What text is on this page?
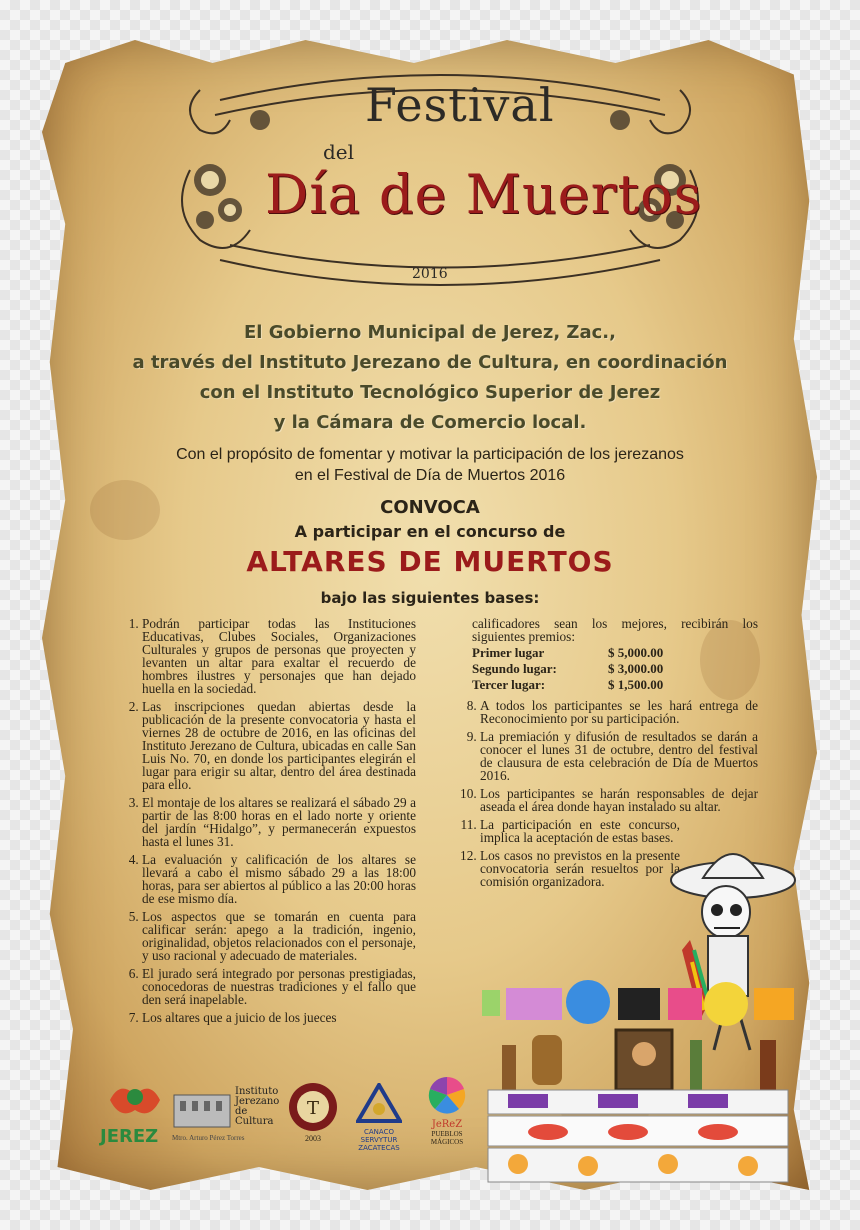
Festival
del
Día de Muertos
2016
El Gobierno Municipal de Jerez, Zac.,
a través del Instituto Jerezano de Cultura, en coordinación
con el Instituto Tecnológico Superior de Jerez
y la Cámara de Comercio local.
Con el propósito de fomentar y motivar la participación de los jerezanos
en el Festival de Día de Muertos 2016
CONVOCA
A participar en el concurso de
ALTARES DE MUERTOS
bajo las siguientes bases:
1. Podrán participar todas las Instituciones Educativas, Clubes Sociales, Organizaciones Culturales y grupos de personas que proyecten y levanten un altar para exaltar el recuerdo de hombres ilustres y personajes que han dejado huella en la sociedad.
2. Las inscripciones quedan abiertas desde la publicación de la presente convocatoria y hasta el viernes 28 de octubre de 2016, en las oficinas del Instituto Jerezano de Cultura, ubicadas en calle San Luis No. 70, en donde los participantes elegirán el lugar para erigir su altar, dentro del área destinada para ello.
3. El montaje de los altares se realizará el sábado 29 a partir de las 8:00 horas en el lado norte y oriente del jardín “Hidalgo”, y permanecerán expuestos hasta el lunes 31.
4. La evaluación y calificación de los altares se llevará a cabo el mismo sábado 29 a las 18:00 horas, para ser abiertos al público a las 20:00 horas de ese mismo día.
5. Los aspectos que se tomarán en cuenta para calificar serán: apego a la tradición, ingenio, originalidad, objetos relacionados con el personaje, y uso racional y adecuado de materiales.
6. El jurado será integrado por personas prestigiadas, conocedoras de nuestras tradiciones y el fallo que den será inapelable.
7. Los altares que a juicio de los jueces
calificadores sean los mejores, recibirán los siguientes premios:
Primer lugar	$ 5,000.00
Segundo lugar:	$ 3,000.00
Tercer lugar:	$ 1,500.00
8. A todos los participantes se les hará entrega de Reconocimiento por su participación.
9. La premiación y difusión de resultados se darán a conocer el lunes 31 de octubre, dentro del festival de clausura de esta celebración de Día de Muertos 2016.
10. Los participantes se harán responsables de dejar aseada el área donde hayan instalado su altar.
11. La participación en este concurso, implica la aceptación de estas bases.
12. Los casos no previstos en la presente convocatoria serán resueltos por la comisión organizadora.
JEREZ	Mtro. Arturo Pérez Torres
Instituto
Jerezano
de
Cultura
T
2003
CANACO
SERVYTUR
ZACATECAS
JeReZ
PUEBLOS
MÁGICOS
